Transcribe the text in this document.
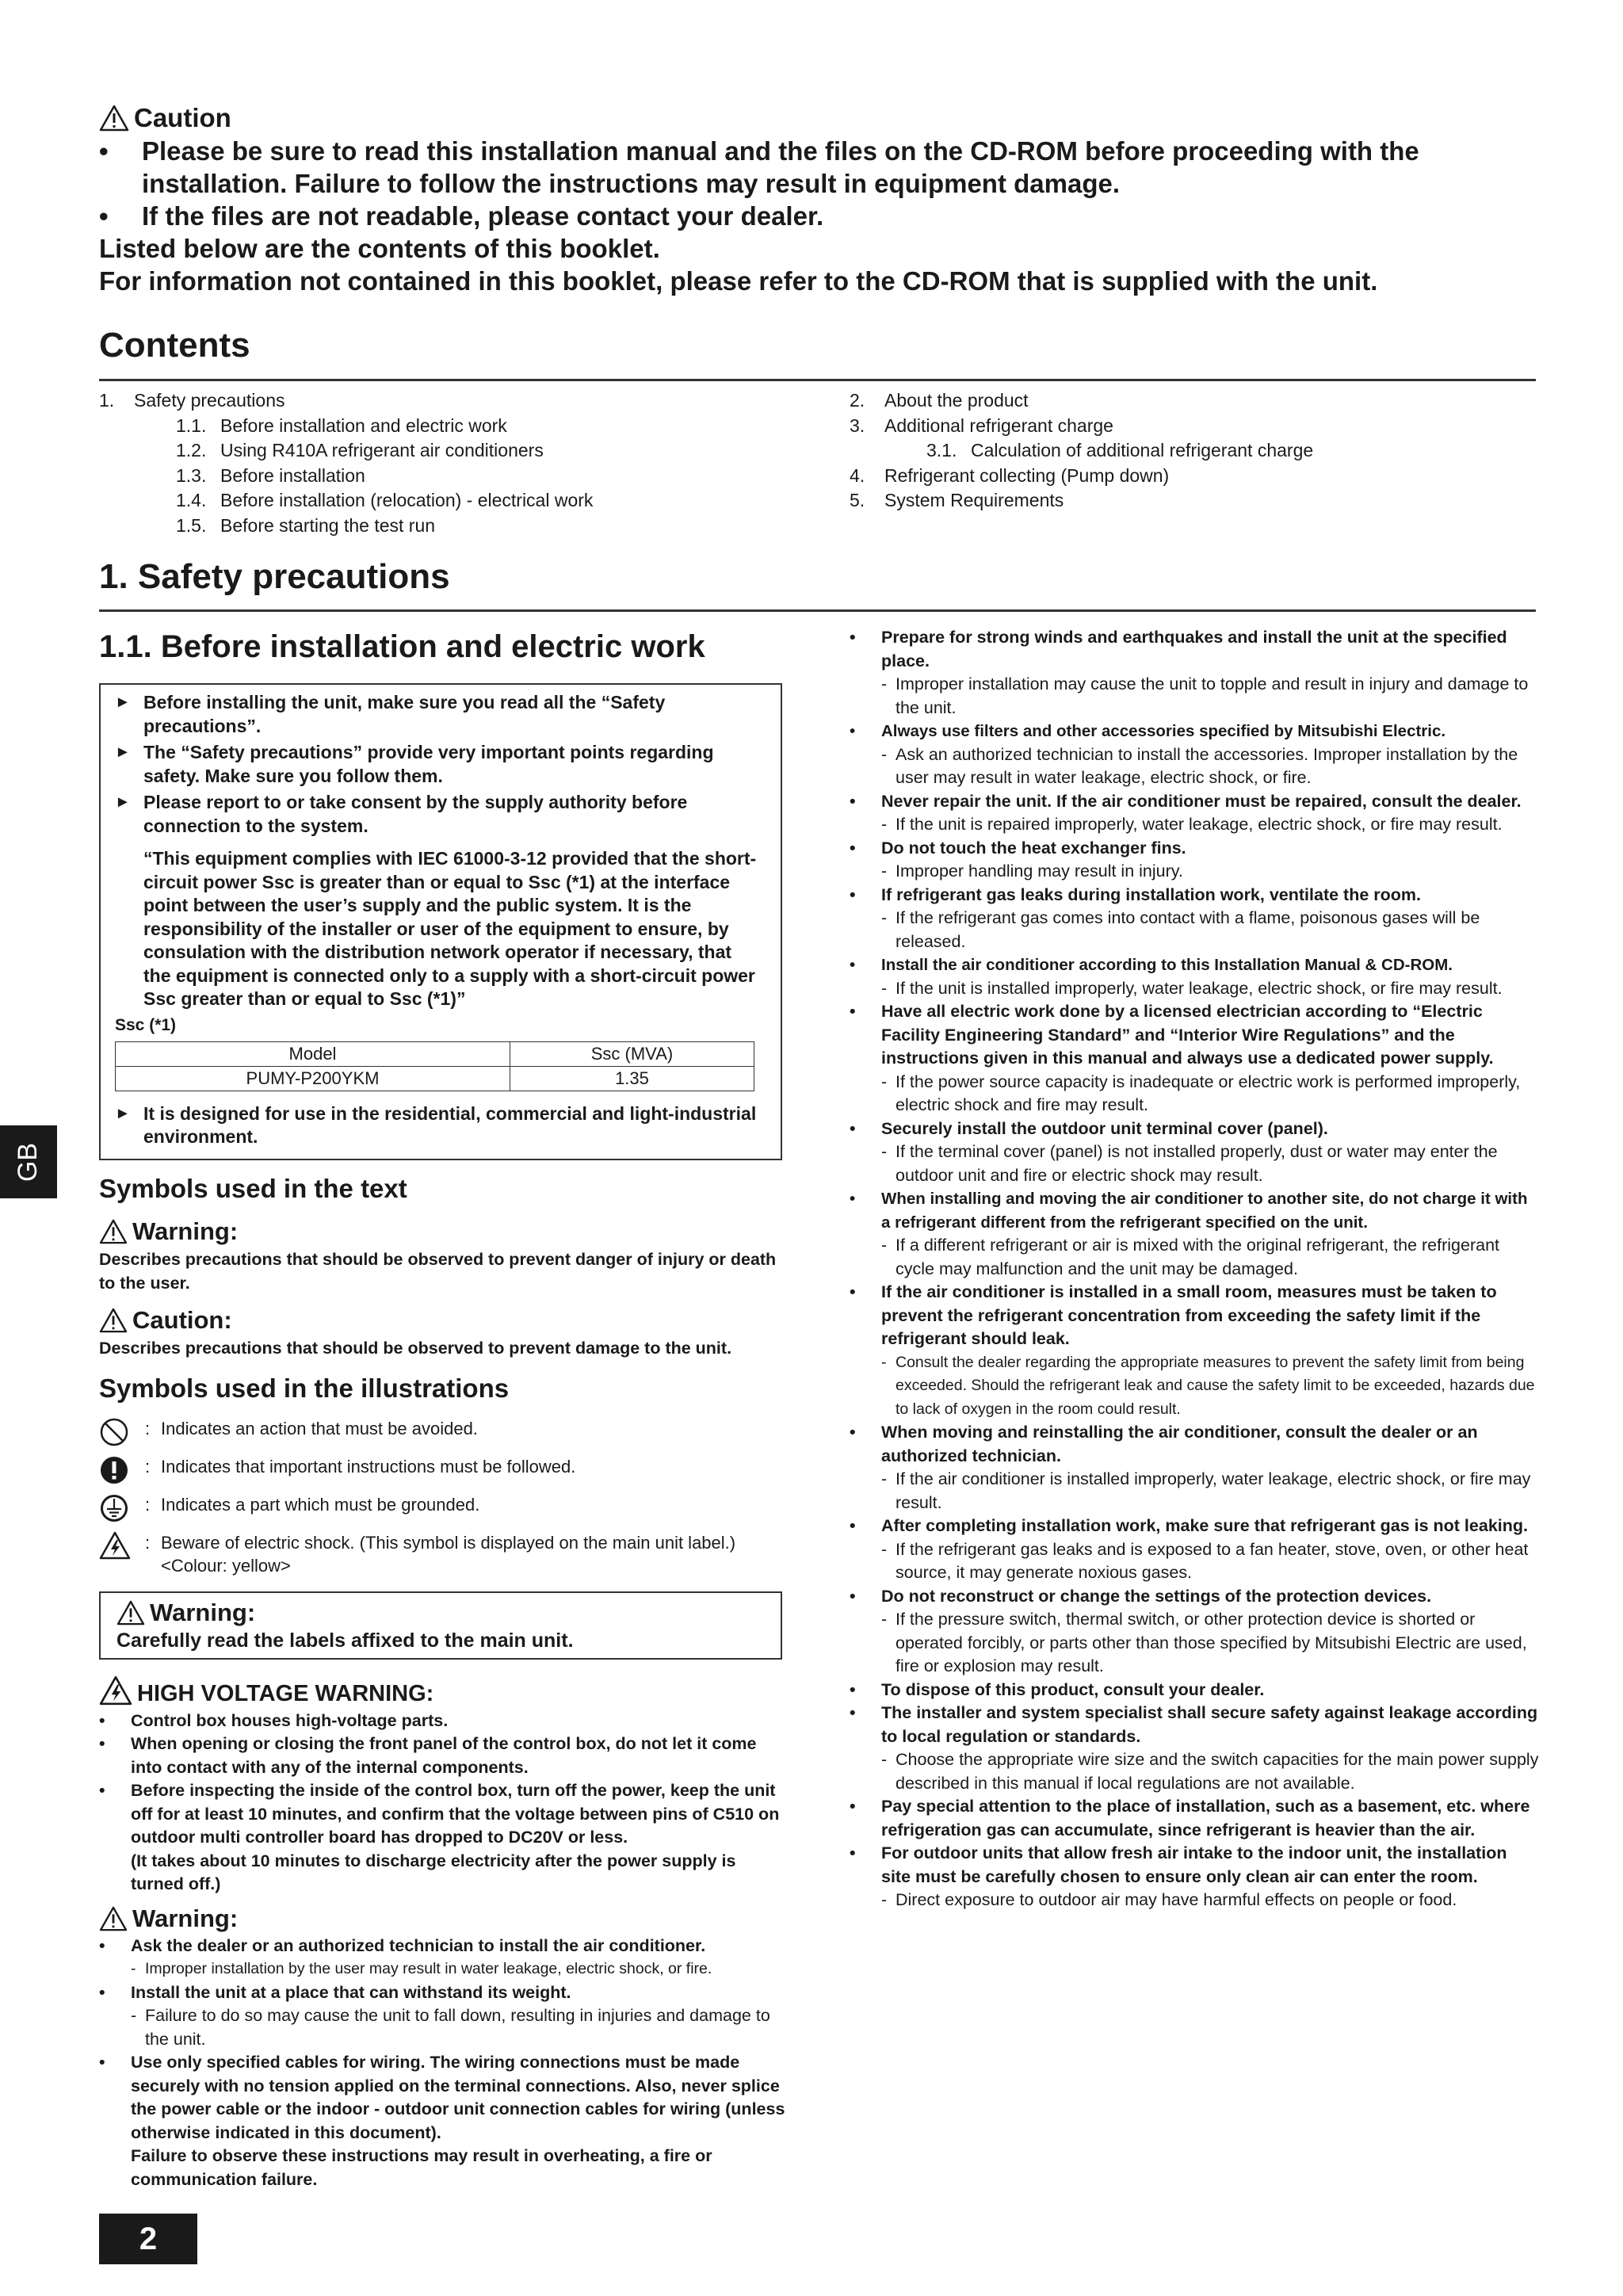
Caution
• Please be sure to read this installation manual and the files on the CD-ROM before proceeding with the installation. Failure to follow the instructions may result in equipment damage.
• If the files are not readable, please contact your dealer.
Listed below are the contents of this booklet.
For information not contained in this booklet, please refer to the CD-ROM that is supplied with the unit.
Contents
1. Safety precautions
1.1. Before installation and electric work
1.2. Using R410A refrigerant air conditioners
1.3. Before installation
1.4. Before installation (relocation) - electrical work
1.5. Before starting the test run
2. About the product
3. Additional refrigerant charge
3.1. Calculation of additional refrigerant charge
4. Refrigerant collecting (Pump down)
5. System Requirements
1. Safety precautions
1.1. Before installation and electric work
► Before installing the unit, make sure you read all the “Safety precautions”.
► The “Safety precautions” provide very important points regarding safety. Make sure you follow them.
► Please report to or take consent by the supply authority before connection to the system.
“This equipment complies with IEC 61000-3-12 provided that the short-circuit power Ssc is greater than or equal to Ssc (*1) at the interface point between the user’s supply and the public system. It is the responsibility of the installer or user of the equipment to ensure, by consulation with the distribution network operator if necessary, that the equipment is connected only to a supply with a short-circuit power Ssc greater than or equal to Ssc (*1)”
Ssc (*1)
Model	Ssc (MVA)
PUMY-P200YKM	1.35
► It is designed for use in the residential, commercial and light-industrial environment.
Symbols used in the text
Warning:
Describes precautions that should be observed to prevent danger of injury or death to the user.
Caution:
Describes precautions that should be observed to prevent damage to the unit.
Symbols used in the illustrations
: Indicates an action that must be avoided.
: Indicates that important instructions must be followed.
: Indicates a part which must be grounded.
: Beware of electric shock. (This symbol is displayed on the main unit label.) <Colour: yellow>
Warning:
Carefully read the labels affixed to the main unit.
HIGH VOLTAGE WARNING:
• Control box houses high-voltage parts.
• When opening or closing the front panel of the control box, do not let it come into contact with any of the internal components.
• Before inspecting the inside of the control box, turn off the power, keep the unit off for at least 10 minutes, and confirm that the voltage between pins of C510 on outdoor multi controller board has dropped to DC20V or less.
(It takes about 10 minutes to discharge electricity after the power supply is turned off.)
Warning:
• Ask the dealer or an authorized technician to install the air conditioner.
- Improper installation by the user may result in water leakage, electric shock, or fire.
• Install the unit at a place that can withstand its weight.
- Failure to do so may cause the unit to fall down, resulting in injuries and damage to the unit.
• Use only specified cables for wiring. The wiring connections must be made securely with no tension applied on the terminal connections. Also, never splice the power cable or the indoor - outdoor unit connection cables for wiring (unless otherwise indicated in this document).
Failure to observe these instructions may result in overheating, a fire or communication failure.
• Prepare for strong winds and earthquakes and install the unit at the specified place.
- Improper installation may cause the unit to topple and result in injury and damage to the unit.
• Always use filters and other accessories specified by Mitsubishi Electric.
- Ask an authorized technician to install the accessories. Improper installation by the user may result in water leakage, electric shock, or fire.
• Never repair the unit. If the air conditioner must be repaired, consult the dealer.
- If the unit is repaired improperly, water leakage, electric shock, or fire may result.
• Do not touch the heat exchanger fins.
- Improper handling may result in injury.
• If refrigerant gas leaks during installation work, ventilate the room.
- If the refrigerant gas comes into contact with a flame, poisonous gases will be released.
• Install the air conditioner according to this Installation Manual & CD-ROM.
- If the unit is installed improperly, water leakage, electric shock, or fire may result.
• Have all electric work done by a licensed electrician according to “Electric Facility Engineering Standard” and “Interior Wire Regulations” and the instructions given in this manual and always use a dedicated power supply.
- If the power source capacity is inadequate or electric work is performed improperly, electric shock and fire may result.
• Securely install the outdoor unit terminal cover (panel).
- If the terminal cover (panel) is not installed properly, dust or water may enter the outdoor unit and fire or electric shock may result.
• When installing and moving the air conditioner to another site, do not charge it with a refrigerant different from the refrigerant specified on the unit.
- If a different refrigerant or air is mixed with the original refrigerant, the refrigerant cycle may malfunction and the unit may be damaged.
• If the air conditioner is installed in a small room, measures must be taken to prevent the refrigerant concentration from exceeding the safety limit if the refrigerant should leak.
- Consult the dealer regarding the appropriate measures to prevent the safety limit from being exceeded. Should the refrigerant leak and cause the safety limit to be exceeded, hazards due to lack of oxygen in the room could result.
• When moving and reinstalling the air conditioner, consult the dealer or an authorized technician.
- If the air conditioner is installed improperly, water leakage, electric shock, or fire may result.
• After completing installation work, make sure that refrigerant gas is not leaking.
- If the refrigerant gas leaks and is exposed to a fan heater, stove, oven, or other heat source, it may generate noxious gases.
• Do not reconstruct or change the settings of the protection devices.
- If the pressure switch, thermal switch, or other protection device is shorted or operated forcibly, or parts other than those specified by Mitsubishi Electric are used, fire or explosion may result.
• To dispose of this product, consult your dealer.
• The installer and system specialist shall secure safety against leakage according to local regulation or standards.
- Choose the appropriate wire size and the switch capacities for the main power supply described in this manual if local regulations are not available.
• Pay special attention to the place of installation, such as a basement, etc. where refrigeration gas can accumulate, since refrigerant is heavier than the air.
• For outdoor units that allow fresh air intake to the indoor unit, the installation site must be carefully chosen to ensure only clean air can enter the room.
- Direct exposure to outdoor air may have harmful effects on people or food.
GB
2
